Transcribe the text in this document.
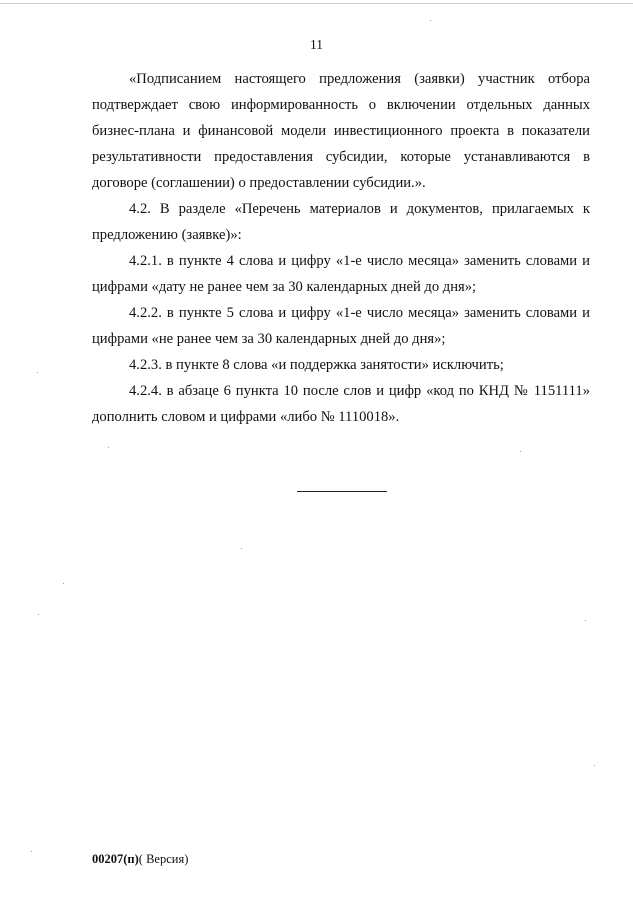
11

«Подписанием настоящего предложения (заявки) участник отбора подтверждает свою информированность о включении отдельных данных бизнес-плана и финансовой модели инвестиционного проекта в показатели результативности предоставления субсидии, которые устанавливаются в договоре (соглашении) о предоставлении субсидии.».

4.2. В разделе «Перечень материалов и документов, прилагаемых к предложению (заявке)»:

4.2.1. в пункте 4 слова и цифру «1-е число месяца» заменить словами и цифрами «дату не ранее чем за 30 календарных дней до дня»;

4.2.2. в пункте 5 слова и цифру «1-е число месяца» заменить словами и цифрами «не ранее чем за 30 календарных дней до дня»;

4.2.3. в пункте 8 слова «и поддержка занятости» исключить;

4.2.4. в абзаце 6 пункта 10 после слов и цифр «код по КНД № 1151111» дополнить словом и цифрами «либо № 1110018».

00207(п)( Версия)
